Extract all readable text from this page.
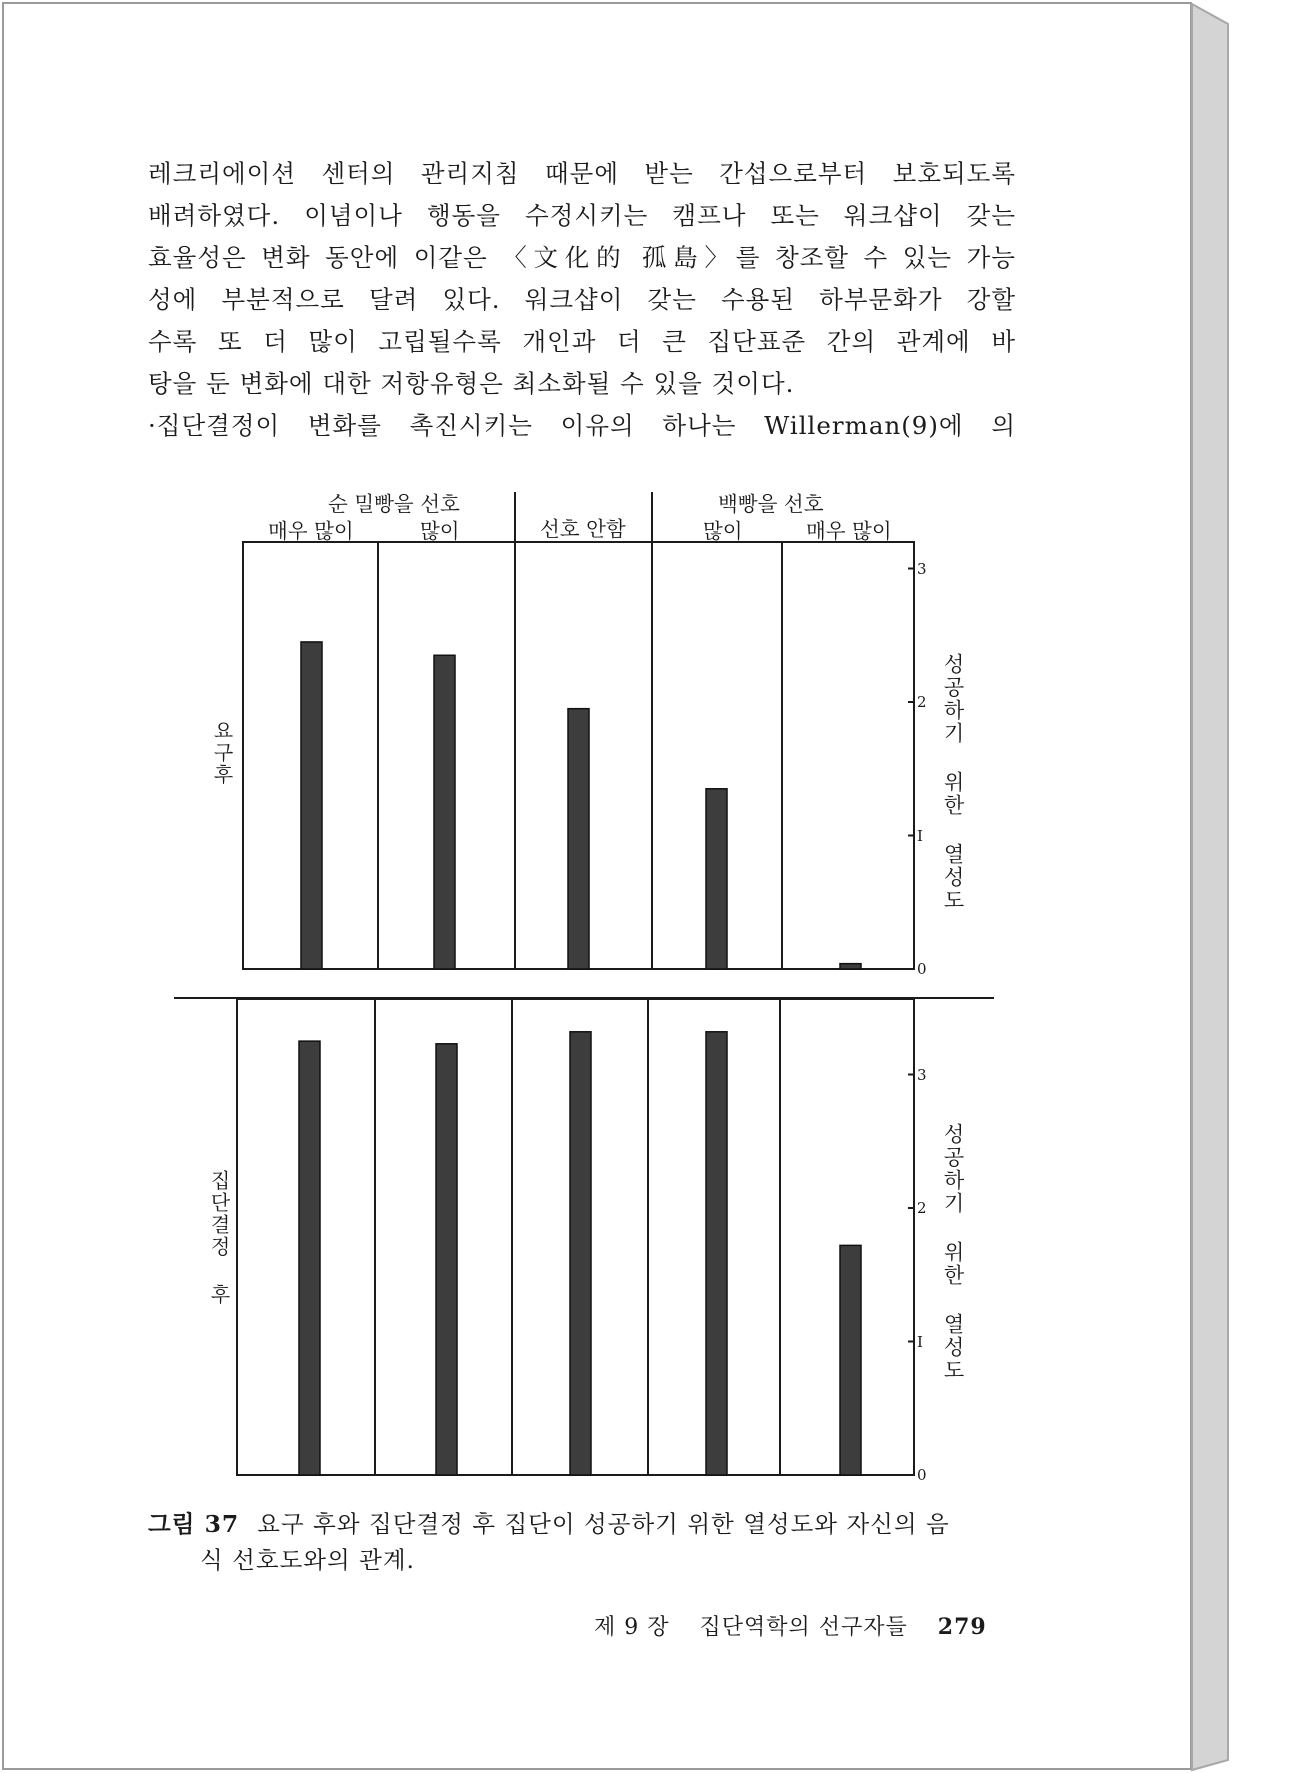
레크리에이션 센터의 관리지침 때문에 받는 간섭으로부터 보호되도록
배려하였다. 이념이나 행동을 수정시키는 캠프나 또는 워크샵이 갖는
효율성은 변화 동안에 이같은 〈文化的 孤島〉를 창조할 수 있는 가능
성에 부분적으로 달려 있다. 워크샵이 갖는 수용된 하부문화가 강할
수록 또 더 많이 고립될수록 개인과 더 큰 집단표준 간의 관계에 바
탕을 둔 변화에 대한 저항유형은 최소화될 수 있을 것이다.
·집단결정이 변화를 촉진시키는 이유의 하나는 Willerman(9)에 의
순 밀빵을 선호
매우 많이	많이	선호 안함
백빵을 선호
많이	매우 많이
0
I
2
3
0
I
2
3
요구후
집단결정 후
성공하기 위한 열성도
성공하기 위한 열성도
그림 37 요구 후와 집단결정 후 집단이 성공하기 위한 열성도와 자신의 음
식 선호도와의 관계.
제 9 장 집단역학의 선구자들 279
